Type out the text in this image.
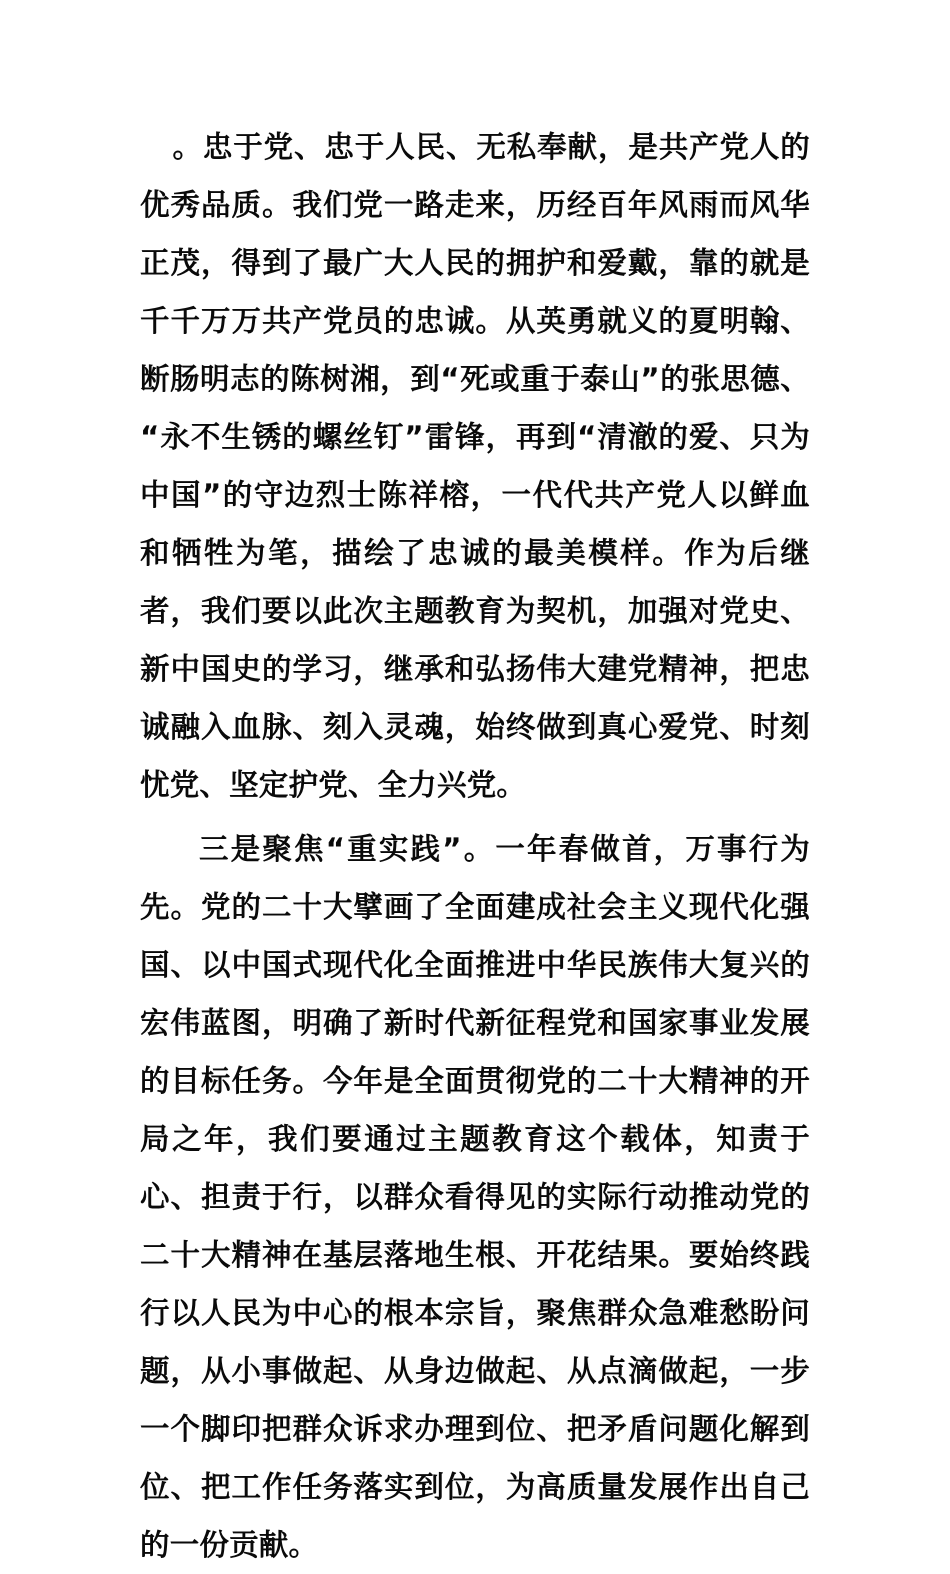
。忠于党、忠于人民、无私奉献，是共产党人的优秀品质。我们党一路走来，历经百年风雨而风华正茂，得到了最广大人民的拥护和爱戴，靠的就是千千万万共产党员的忠诚。从英勇就义的夏明翰、断肠明志的陈树湘，到“死或重于泰山”的张思德、“永不生锈的螺丝钉”雷锋，再到“清澈的爱、只为中国”的守边烈士陈祥榕，一代代共产党人以鲜血和牺牲为笔，描绘了忠诚的最美模样。作为后继者，我们要以此次主题教育为契机，加强对党史、新中国史的学习，继承和弘扬伟大建党精神，把忠诚融入血脉、刻入灵魂，始终做到真心爱党、时刻忧党、坚定护党、全力兴党。

三是聚焦“重实践”。一年春做首，万事行为先。党的二十大擘画了全面建成社会主义现代化强国、以中国式现代化全面推进中华民族伟大复兴的宏伟蓝图，明确了新时代新征程党和国家事业发展的目标任务。今年是全面贯彻党的二十大精神的开局之年，我们要通过主题教育这个载体，知责于心、担责于行，以群众看得见的实际行动推动党的二十大精神在基层落地生根、开花结果。要始终践行以人民为中心的根本宗旨，聚焦群众急难愁盼问题，从小事做起、从身边做起、从点滴做起，一步一个脚印把群众诉求办理到位、把矛盾问题化解到位、把工作任务落实到位，为高质量发展作出自己的一份贡献。
